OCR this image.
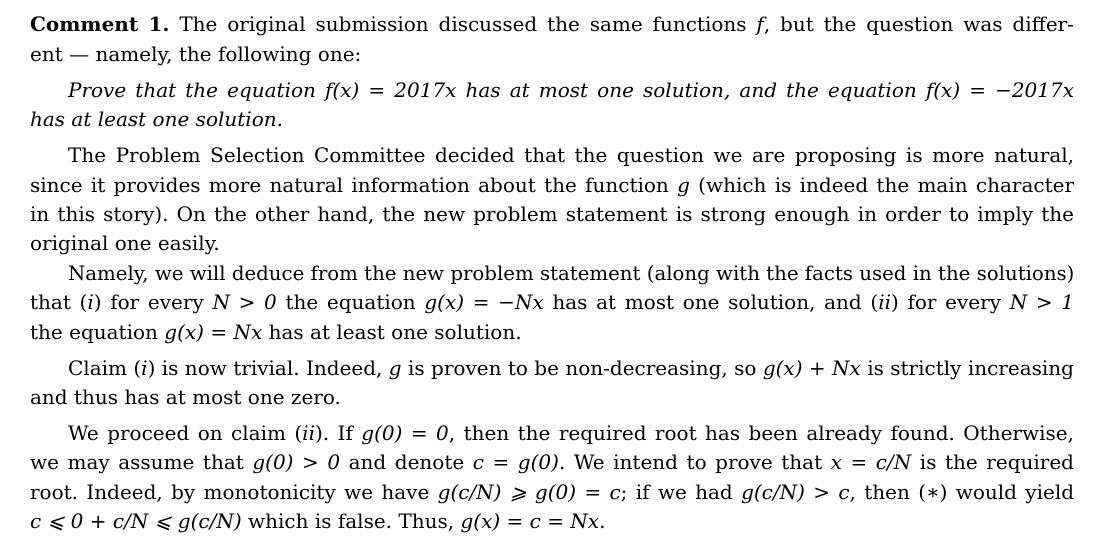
Comment 1. The original submission discussed the same functions f, but the question was differ-
ent — namely, the following one:
Prove that the equation f(x) = 2017x has at most one solution, and the equation f(x) = −2017x
has at least one solution.
The Problem Selection Committee decided that the question we are proposing is more natural,
since it provides more natural information about the function g (which is indeed the main character
in this story). On the other hand, the new problem statement is strong enough in order to imply the
original one easily.
Namely, we will deduce from the new problem statement (along with the facts used in the solutions)
that (i) for every N > 0 the equation g(x) = −Nx has at most one solution, and (ii) for every N > 1
the equation g(x) = Nx has at least one solution.
Claim (i) is now trivial. Indeed, g is proven to be non-decreasing, so g(x) + Nx is strictly increasing
and thus has at most one zero.
We proceed on claim (ii). If g(0) = 0, then the required root has been already found. Otherwise,
we may assume that g(0) > 0 and denote c = g(0). We intend to prove that x = c/N is the required
root. Indeed, by monotonicity we have g(c/N) ⩾ g(0) = c; if we had g(c/N) > c, then (∗) would yield
c ⩽ 0 + c/N ⩽ g(c/N) which is false. Thus, g(x) = c = Nx.
